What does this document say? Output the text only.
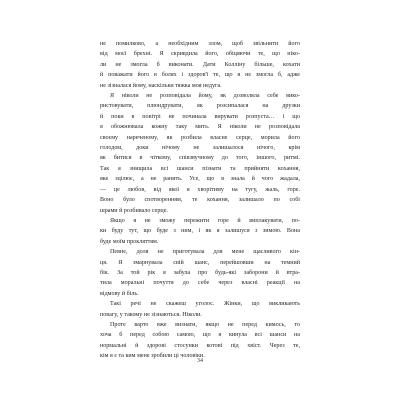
не помилково, а необхідним злом, щоб звільнити його
від моєї брехні. Я скривдила його, обіцяючи те, що ніко-
ли не змогла б виконати. Дати Колліну більше, кохати
й поважати його в болях і здоров'ї те, що я не змогла б, адже
не зізналася йому, наскільки тяжка моя недуга.
Я ніколи не розповідала йому, як дозволяла себе вико-
ристовувати, плюндрувати, як розсипалася на друзки
й поки в повітрі не починала вирувати розпуста… і що
я обожнювала кожну таку мить. Я ніколи не розповідала
своєму нареченому, як розбила власне серце, морила його
голодом, доки нічому не залишалося нічого, крім
як битися в чіткому, співзвучному до того, іншого, ритмі.
Так я знищила всі шанси пізнати та прийняти кохання,
яке зцілює, а не ранить. Усе, що я знала й чого жадала,
— це любов, від якої я хворітиму на тугу, жаль, горе.
Воно було спотворенням, те кохання, залишало по собі
шрами й розбивало серце.
Якщо я не зможу пережити горе й виплакувати, по-
ки буду тут, що буде з ним, і як я залишуся з зимою. Вона
буде моїм прокляттям.
Певне, доля не приготувала для мене щасливого кін-
ця. Я змарнувала свій шанс, перейшовши на темний
бік. За той рік я забула про будь-які заборони й втра-
тила моральні почуття до себе через власні реакції на
відмову й біль.
Такі речі не скажеш уголос. Жінки, що викликають
повагу, у такому не зізнаються. Ніколи.
Проте варто вже визнати, якщо не перед кимось, то
хоча б перед собою самою, що я кинула всі шанси на
нормальні й здорові стосунки котові під хвіст. Через те,
кім я є та ким мене зробили ці чоловіки.
34
